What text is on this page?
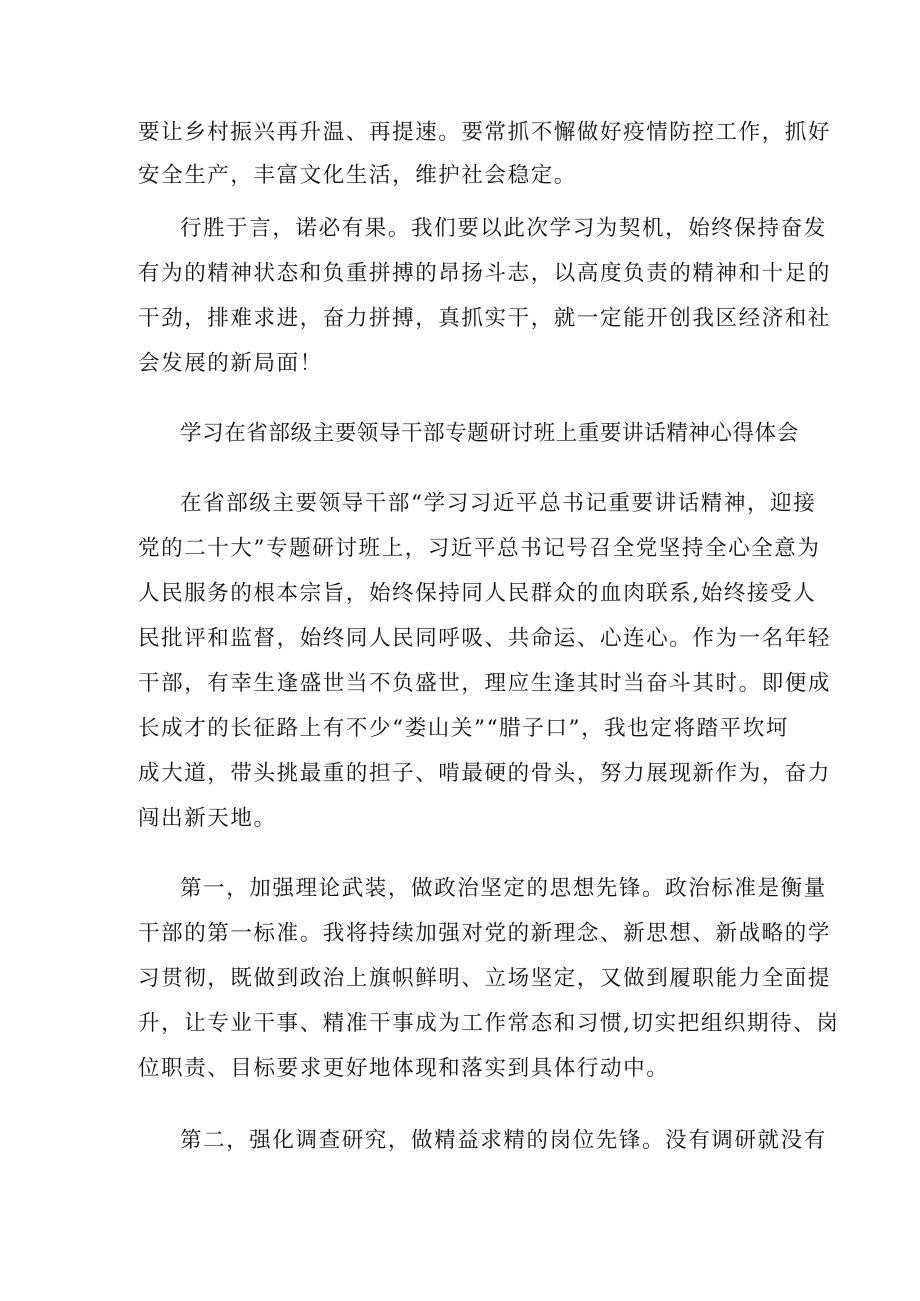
要让乡村振兴再升温、再提速。要常抓不懈做好疫情防控工作，抓好
安全生产，丰富文化生活，维护社会稳定。
行胜于言，诺必有果。我们要以此次学习为契机，始终保持奋发
有为的精神状态和负重拼搏的昂扬斗志，以高度负责的精神和十足的
干劲，排难求进，奋力拼搏，真抓实干，就一定能开创我区经济和社
会发展的新局面！
学习在省部级主要领导干部专题研讨班上重要讲话精神心得体会
在省部级主要领导干部“学习习近平总书记重要讲话精神，迎接
党的二十大”专题研讨班上，习近平总书记号召全党坚持全心全意为
人民服务的根本宗旨，始终保持同人民群众的血肉联系,始终接受人
民批评和监督，始终同人民同呼吸、共命运、心连心。作为一名年轻
干部，有幸生逢盛世当不负盛世，理应生逢其时当奋斗其时。即便成
长成才的长征路上有不少“娄山关”“腊子口”，我也定将踏平坎坷
成大道，带头挑最重的担子、啃最硬的骨头，努力展现新作为，奋力
闯出新天地。
第一，加强理论武装，做政治坚定的思想先锋。政治标准是衡量
干部的第一标准。我将持续加强对党的新理念、新思想、新战略的学
习贯彻，既做到政治上旗帜鲜明、立场坚定，又做到履职能力全面提
升，让专业干事、精准干事成为工作常态和习惯,切实把组织期待、岗
位职责、目标要求更好地体现和落实到具体行动中。
第二，强化调查研究，做精益求精的岗位先锋。没有调研就没有
